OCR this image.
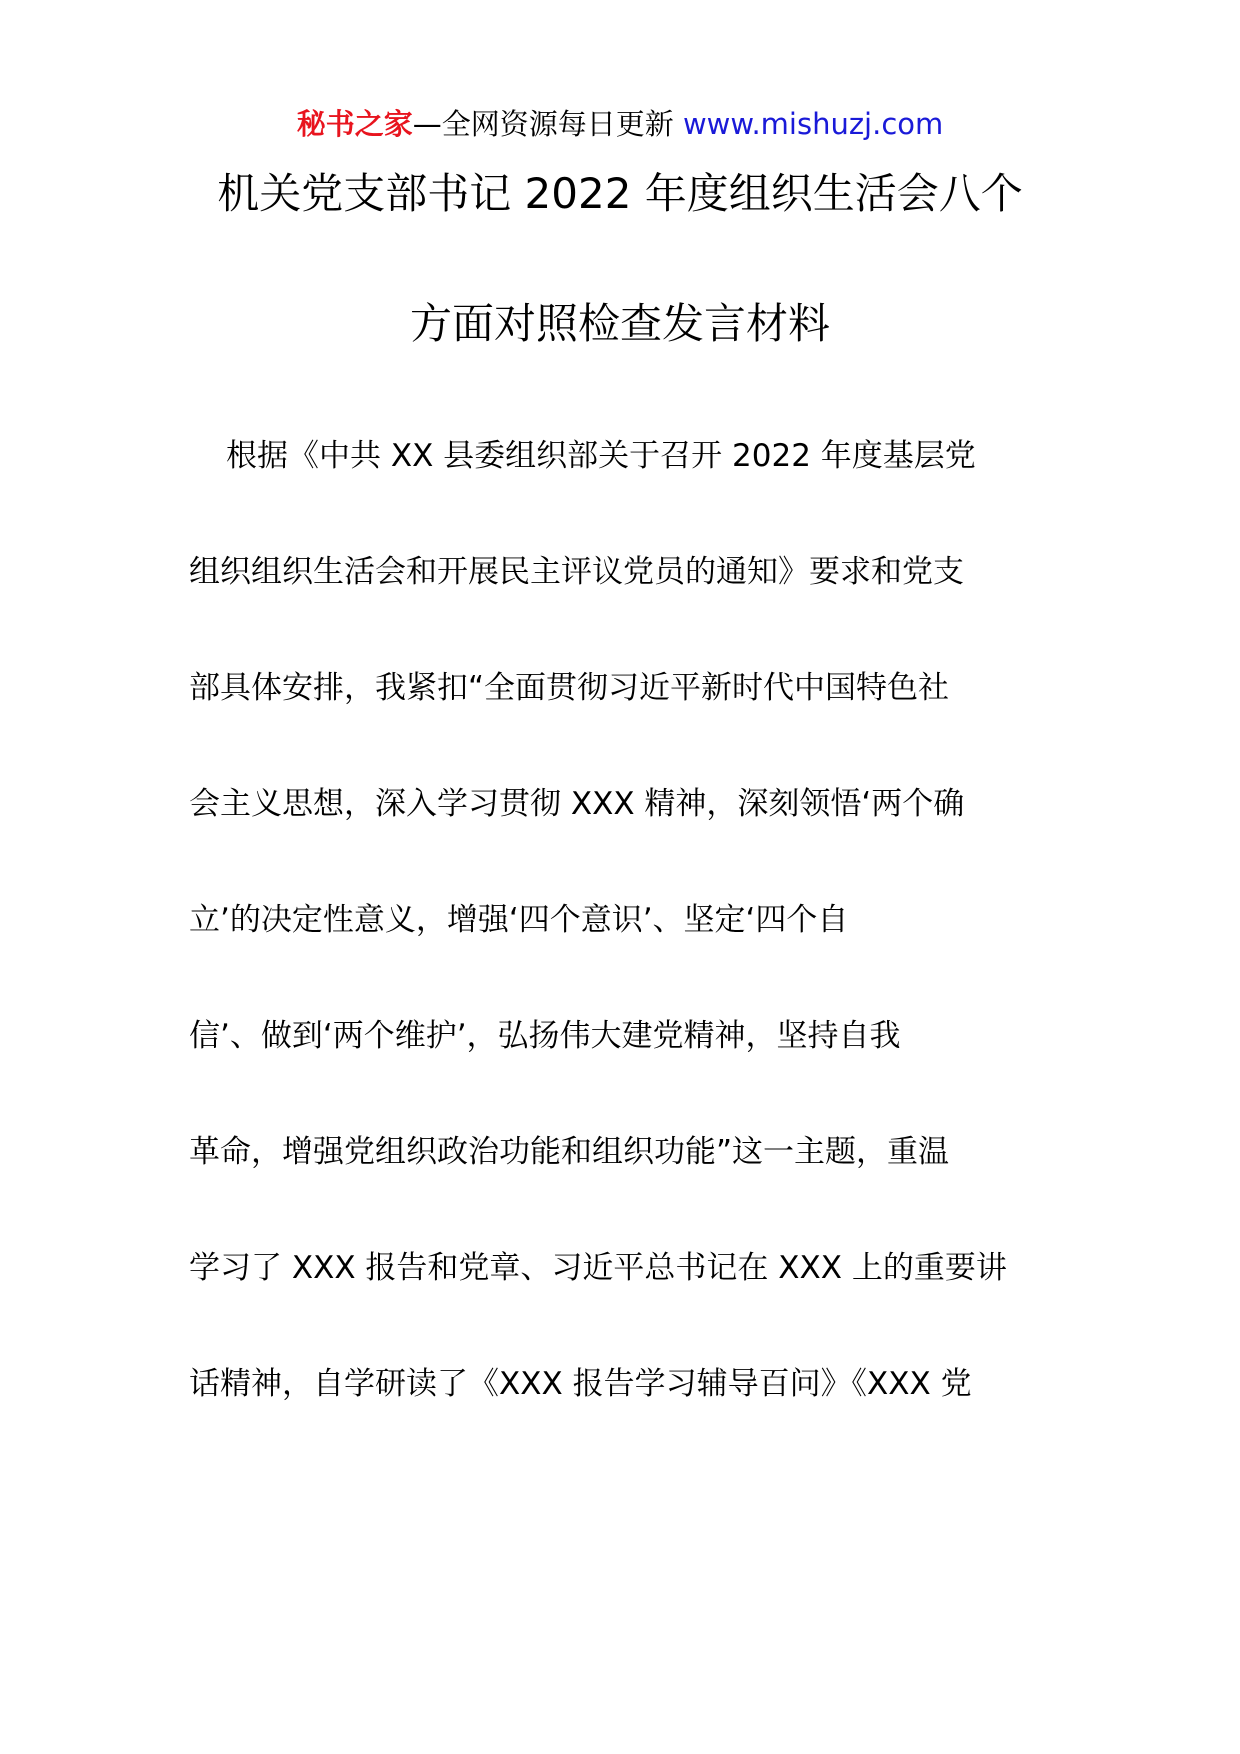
秘书之家—全网资源每日更新 www.mishuzj.com
机关党支部书记 2022 年度组织生活会八个
方面对照检查发言材料
根据《中共 XX 县委组织部关于召开 2022 年度基层党
组织组织生活会和开展民主评议党员的通知》要求和党支
部具体安排，我紧扣“全面贯彻习近平新时代中国特色社
会主义思想，深入学习贯彻 XXX 精神，深刻领悟‘两个确
立’的决定性意义，增强‘四个意识’、坚定‘四个自
信’、做到‘两个维护’，弘扬伟大建党精神，坚持自我
革命，增强党组织政治功能和组织功能”这一主题，重温
学习了 XXX 报告和党章、习近平总书记在 XXX 上的重要讲
话精神，自学研读了《XXX 报告学习辅导百问》《XXX 党
